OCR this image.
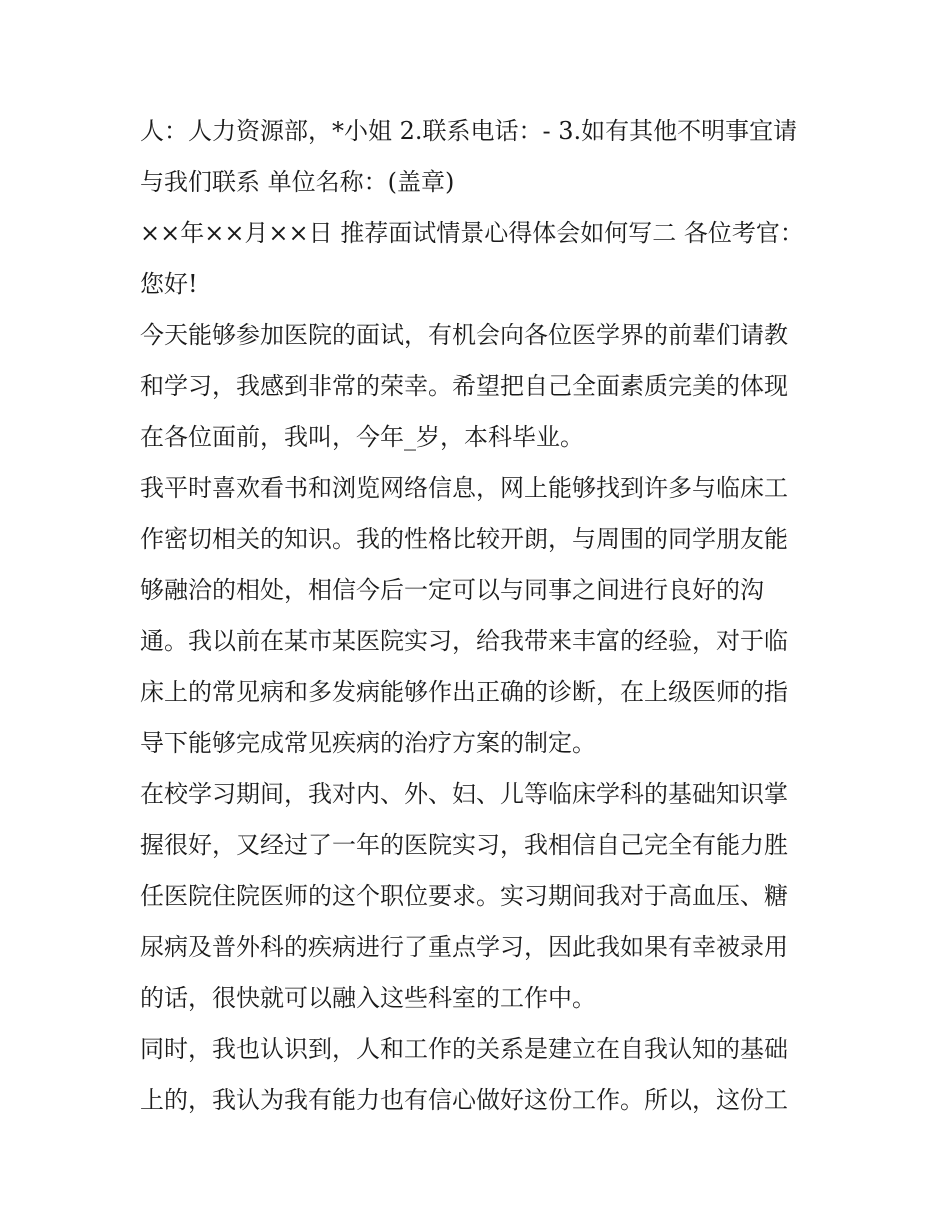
人：人力资源部，*小姐 2.联系电话：- 3.如有其他不明事宜请
与我们联系 单位名称：(盖章)
××年××月××日 推荐面试情景心得体会如何写二 各位考官：
您好!
今天能够参加医院的面试，有机会向各位医学界的前辈们请教
和学习，我感到非常的荣幸。希望把自己全面素质完美的体现
在各位面前，我叫，今年_岁，本科毕业。
我平时喜欢看书和浏览网络信息，网上能够找到许多与临床工
作密切相关的知识。我的性格比较开朗，与周围的同学朋友能
够融洽的相处，相信今后一定可以与同事之间进行良好的沟
通。我以前在某市某医院实习，给我带来丰富的经验，对于临
床上的常见病和多发病能够作出正确的诊断，在上级医师的指
导下能够完成常见疾病的治疗方案的制定。
在校学习期间，我对内、外、妇、儿等临床学科的基础知识掌
握很好，又经过了一年的医院实习，我相信自己完全有能力胜
任医院住院医师的这个职位要求。实习期间我对于高血压、糖
尿病及普外科的疾病进行了重点学习，因此我如果有幸被录用
的话，很快就可以融入这些科室的工作中。
同时，我也认识到，人和工作的关系是建立在自我认知的基础
上的，我认为我有能力也有信心做好这份工作。所以，这份工
